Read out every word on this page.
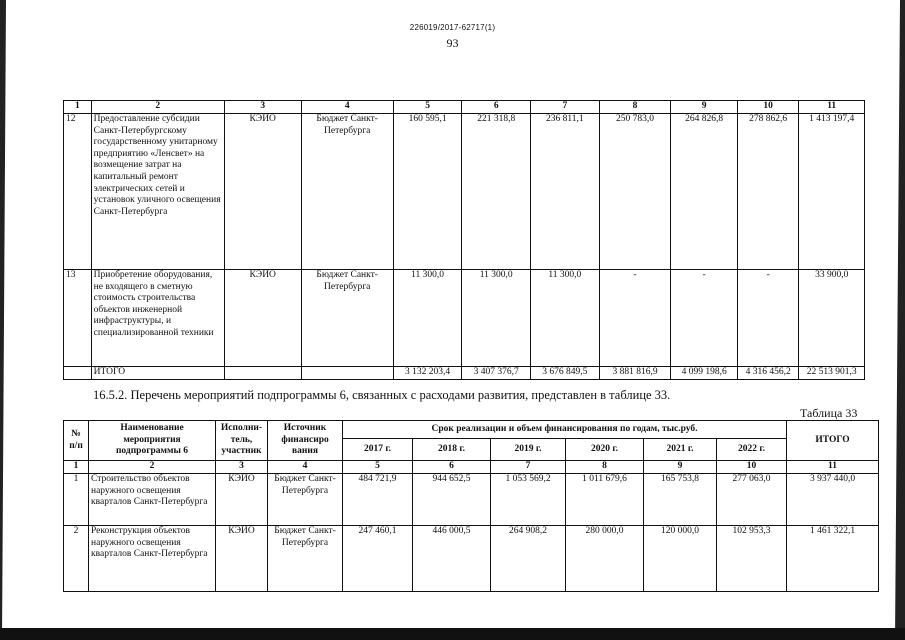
226019/2017-62717(1)
93
1	2	3	4	5	6	7	8	9	10	11
12	Предоставление субсидии Санкт-Петербургскому государственному унитарному предприятию «Ленсвет» на возмещение затрат на капитальный ремонт электрических сетей и установок уличного освещения Санкт-Петербурга	КЭИО	Бюджет Санкт-Петербурга	160 595,1	221 318,8	236 811,1	250 783,0	264 826,8	278 862,6	1 413 197,4
13	Приобретение оборудования, не входящего в сметную стоимость строительства объектов инженерной инфраструктуры, и специализированной техники	КЭИО	Бюджет Санкт-Петербурга	11 300,0	11 300,0	11 300,0	-	-	-	33 900,0
	ИТОГО			3 132 203,4	3 407 376,7	3 676 849,5	3 881 816,9	4 099 198,6	4 316 456,2	22 513 901,3
16.5.2. Перечень мероприятий подпрограммы 6, связанных с расходами развития, представлен в таблице 33.
Таблица 33
№ п/п	Наименование мероприятия подпрограммы 6	Исполни-тель, участник	Источник финансиро вания	Срок реализации и объем финансирования по годам, тыс.руб.						ИТОГО
				2017 г.	2018 г.	2019 г.	2020 г.	2021 г.	2022 г.	
1	2	3	4	5	6	7	8	9	10	11
1	Строительство объектов наружного освещения кварталов Санкт-Петербурга	КЭИО	Бюджет Санкт-Петербурга	484 721,9	944 652,5	1 053 569,2	1 011 679,6	165 753,8	277 063,0	3 937 440,0
2	Реконструкция объектов наружного освещения кварталов Санкт-Петербурга	КЭИО	Бюджет Санкт-Петербурга	247 460,1	446 000,5	264 908,2	280 000,0	120 000,0	102 953,3	1 461 322,1
